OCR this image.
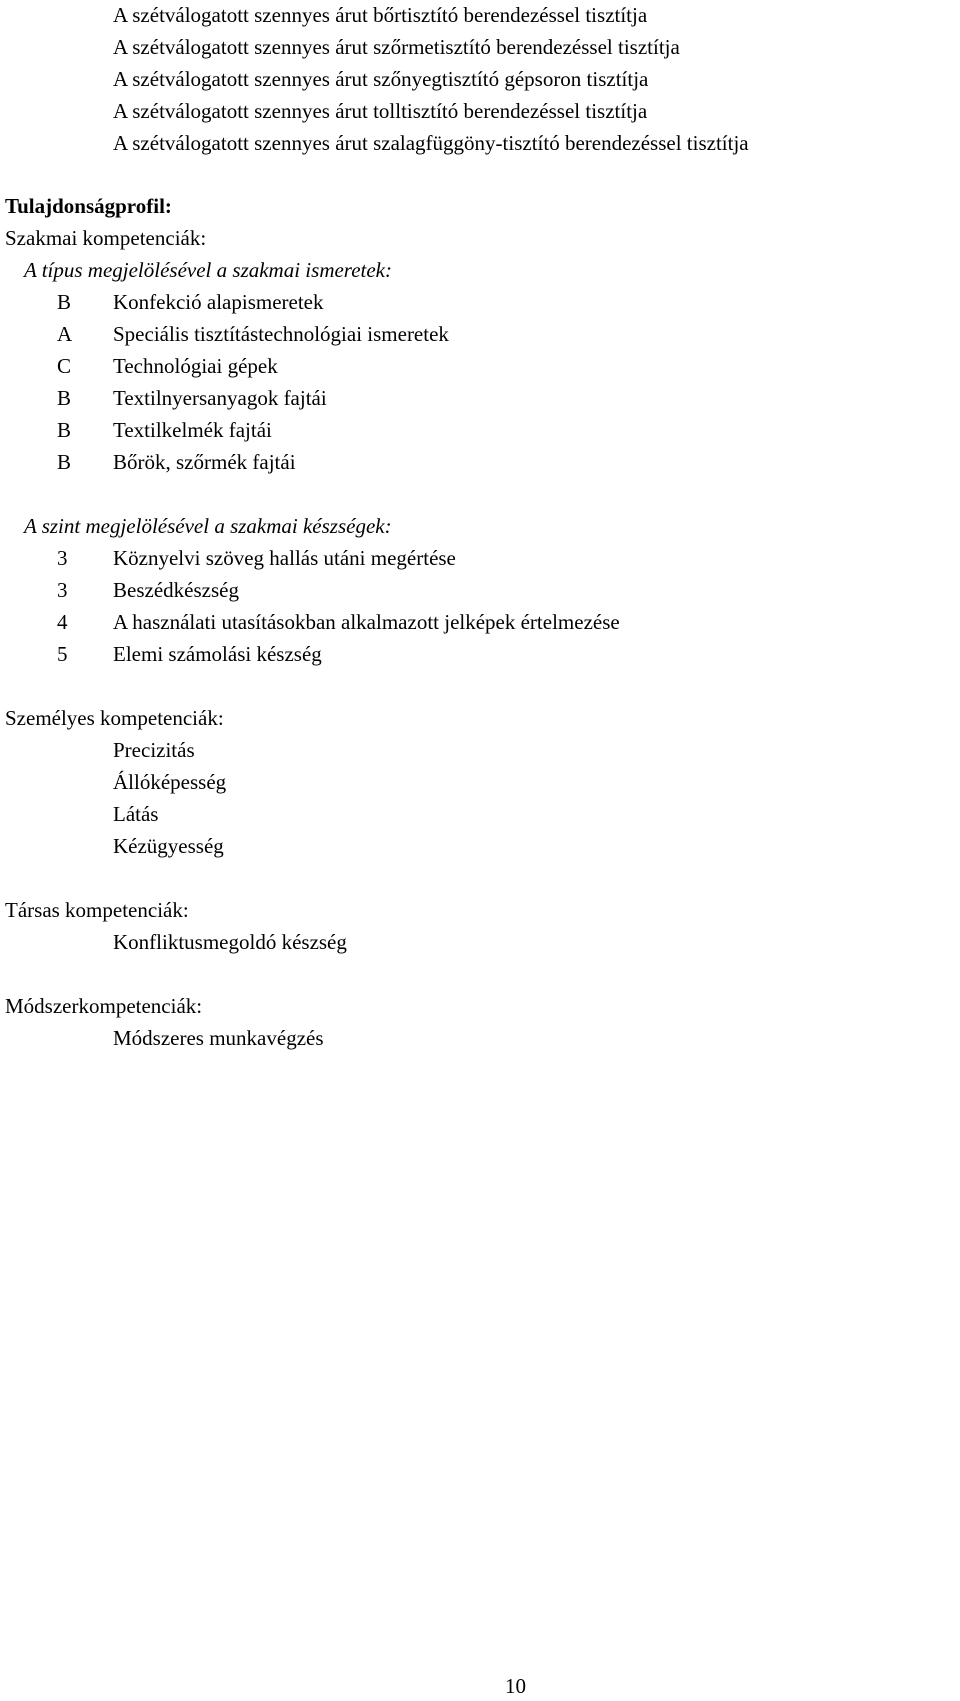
A szétválogatott szennyes árut bőrtisztító berendezéssel tisztítja
A szétválogatott szennyes árut szőrmetisztító berendezéssel tisztítja
A szétválogatott szennyes árut szőnyegtisztító gépsoron tisztítja
A szétválogatott szennyes árut tolltisztító berendezéssel tisztítja
A szétválogatott szennyes árut szalagfüggöny-tisztító berendezéssel tisztítja
Tulajdonságprofil:
Szakmai kompetenciák:
A típus megjelölésével a szakmai ismeretek:
B	Konfekció alapismeretek
A	Speciális tisztítástechnológiai ismeretek
C	Technológiai gépek
B	Textilnyersanyagok fajtái
B	Textilkelmék fajtái
B	Bőrök, szőrmék fajtái
A szint megjelölésével a szakmai készségek:
3	Köznyelvi szöveg hallás utáni megértése
3	Beszédkészség
4	A használati utasításokban alkalmazott jelképek értelmezése
5	Elemi számolási készség
Személyes kompetenciák:
Precizitás
Állóképesség
Látás
Kézügyesség
Társas kompetenciák:
Konfliktusmegoldó készség
Módszerkompetenciák:
Módszeres munkavégzés
10
